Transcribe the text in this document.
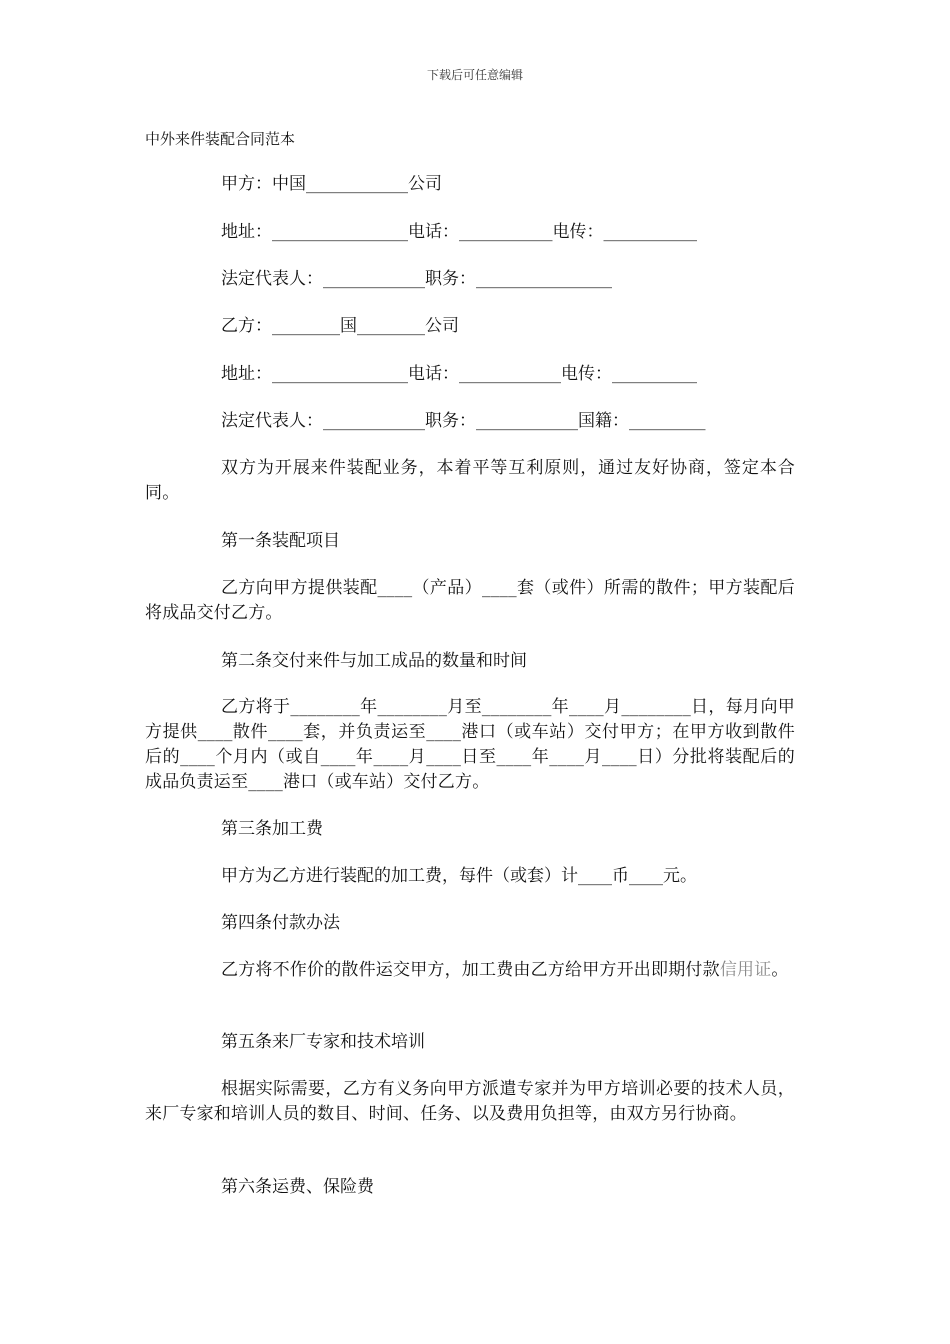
下载后可任意编辑
中外来件装配合同范本
甲方：中国____________公司
地址：________________电话：___________电传：___________
法定代表人：____________职务：________________
乙方：________国________公司
地址：________________电话：____________电传：__________
法定代表人：____________职务：____________国籍：_________
双方为开展来件装配业务，本着平等互利原则，通过友好协商，签定本合同。
第一条装配项目
乙方向甲方提供装配____（产品）____套（或件）所需的散件；甲方装配后将成品交付乙方。
第二条交付来件与加工成品的数量和时间
乙方将于________年________月至________年____月________日，每月向甲方提供____散件____套，并负责运至____港口（或车站）交付甲方；在甲方收到散件后的____个月内（或自____年____月____日至____年____月____日）分批将装配后的成品负责运至____港口（或车站）交付乙方。
第三条加工费
甲方为乙方进行装配的加工费，每件（或套）计____币____元。
第四条付款办法
乙方将不作价的散件运交甲方，加工费由乙方给甲方开出即期付款信用证。
第五条来厂专家和技术培训
根据实际需要，乙方有义务向甲方派遣专家并为甲方培训必要的技术人员，来厂专家和培训人员的数目、时间、任务、以及费用负担等，由双方另行协商。
第六条运费、保险费
